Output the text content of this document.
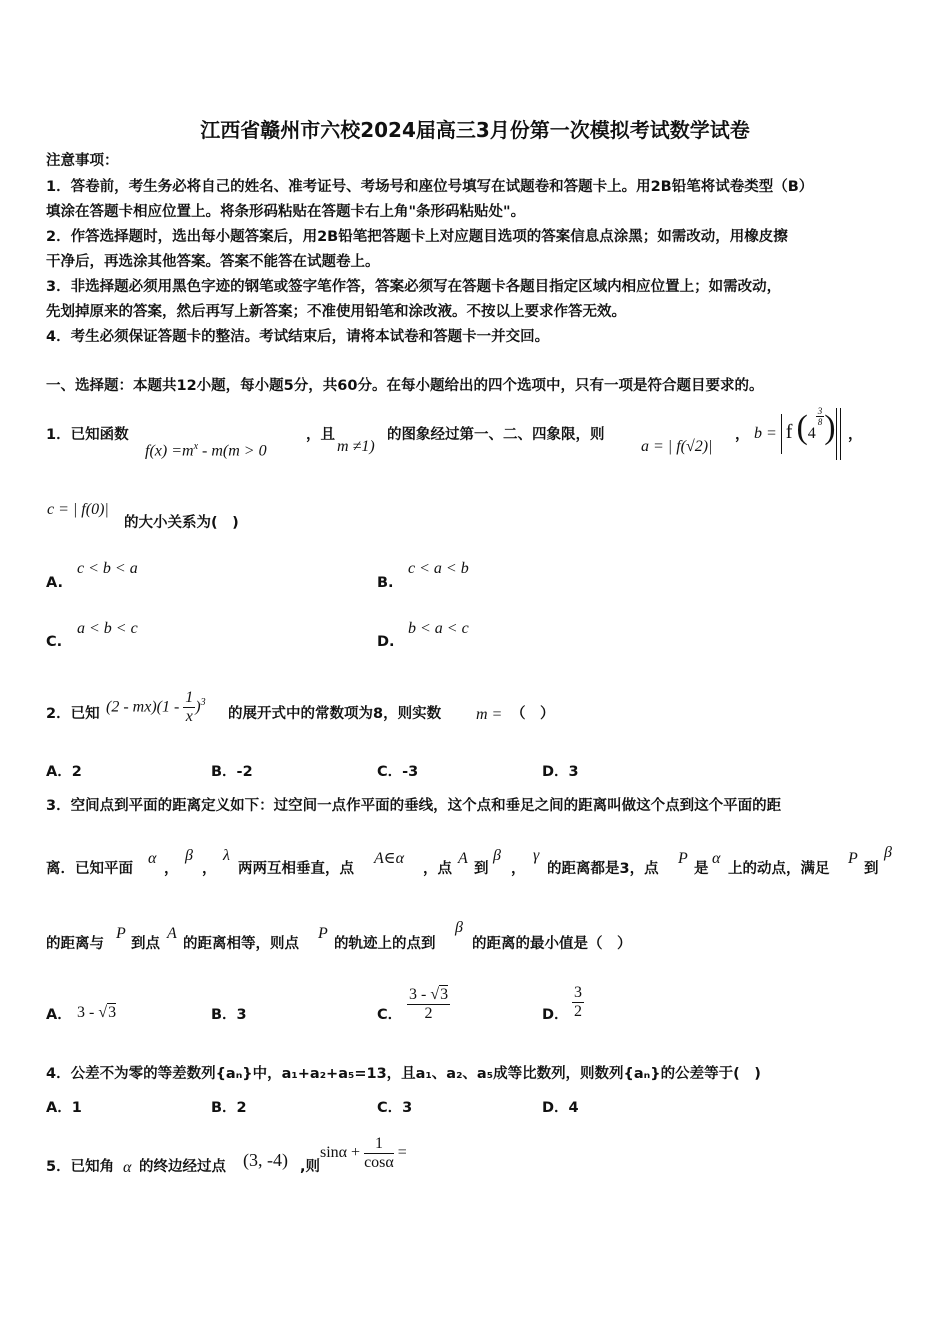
江西省赣州市六校2024届高三3月份第一次模拟考试数学试卷
注意事项：
1．答卷前，考生务必将自己的姓名、准考证号、考场号和座位号填写在试题卷和答题卡上。用2B铅笔将试卷类型（B）
填涂在答题卡相应位置上。将条形码粘贴在答题卡右上角"条形码粘贴处"。
2．作答选择题时，选出每小题答案后，用2B铅笔把答题卡上对应题目选项的答案信息点涂黑；如需改动，用橡皮擦
干净后，再选涂其他答案。答案不能答在试题卷上。
3．非选择题必须用黑色字迹的钢笔或签字笔作答，答案必须写在答题卡各题目指定区域内相应位置上；如需改动，
先划掉原来的答案，然后再写上新答案；不准使用铅笔和涂改液。不按以上要求作答无效。
4．考生必须保证答题卡的整洁。考试结束后，请将本试卷和答题卡一并交回。
一、选择题：本题共12小题，每小题5分，共60分。在每小题给出的四个选项中，只有一项是符合题目要求的。
1．已知函数
$f(x) =m^x - m(m > 0$
，且
m ≠1)
的图象经过第一、二、四象限，则
a = | f(√2)|
， b =  f (4
$\frac{3}{8}$ ) ，
c = | f(0)|
的大小关系为(　)
A.
c < b < a
B.
c < a < b
C.
a < b < c
D.
b < a < c
2．已知 $(2 - mx)(1 - \frac{1}{x} )^3$
的展开式中的常数项为8，则实数 m = （　）
A．2	B．-2	C．-3	D．3
3．空间点到平面的距离定义如下：过空间一点作平面的垂线，这个点和垂足之间的距离叫做这个点到这个平面的距
离．已知平面
α
，
β
，
λ
两两互相垂直，点
A∈α
，点
A
到
β
，
γ
的距离都是3，点
P
是
α
上的动点，满足
P
到
β
的距离与
P
到点
A
的距离相等，则点
P
的轨迹上的点到
β
的距离的最小值是（　）
A． 3 - √3	B．3	C． $\frac{3 - √3}{2}$	D． $\frac{3}{2}$
4．公差不为零的等差数列{aₙ}中，a₁+a₂+a₅=13，且a₁、a₂、a₅成等比数列，则数列{aₙ}的公差等于(　)
A．1	B．2	C．3	D．4
5．已知角 α 的终边经过点 (3, -4) ,则
$\sin\alpha + \frac{1}{\cos\alpha}$ =
